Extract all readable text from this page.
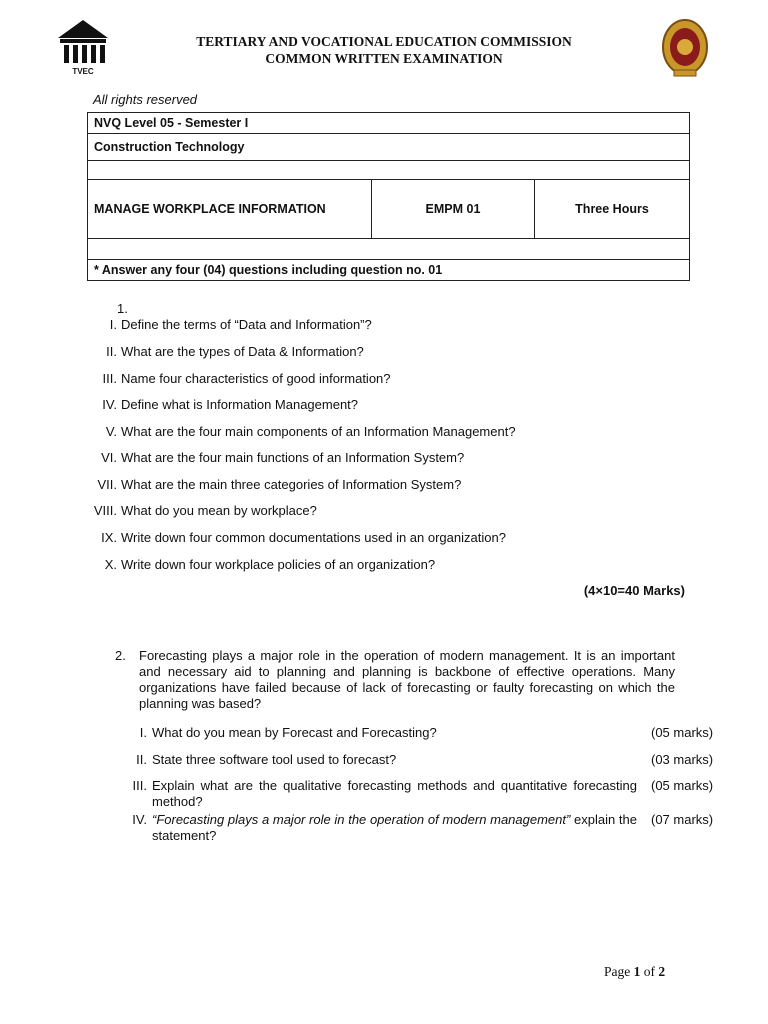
TVEC
TERTIARY AND VOCATIONAL EDUCATION COMMISSION
COMMON WRITTEN EXAMINATION
All rights reserved
NVQ Level 05 - Semester I
Construction Technology

MANAGE WORKPLACE INFORMATION	EMPM 01	Three Hours

* Answer any four (04) questions including question no. 01
1.
I. Define the terms of “Data and Information”?
II. What are the types of Data & Information?
III. Name four characteristics of good information?
IV. Define what is Information Management?
V. What are the four main components of an Information Management?
VI. What are the four main functions of an Information System?
VII. What are the main three categories of Information System?
VIII. What do you mean by workplace?
IX. Write down four common documentations used in an organization?
X. Write down four workplace policies of an organization?
(4×10=40 Marks)
2. Forecasting plays a major role in the operation of modern management. It is an important and necessary aid to planning and planning is backbone of effective operations. Many organizations have failed because of lack of forecasting or faulty forecasting on which the planning was based?
I. What do you mean by Forecast and Forecasting?	(05 marks)
II. State three software tool used to forecast?	(03 marks)
III. Explain what are the qualitative forecasting methods and quantitative forecasting method?
(05 marks)
IV. “Forecasting plays a major role in the operation of modern management” explain the statement?
(07 marks)
Page 1 of 2
